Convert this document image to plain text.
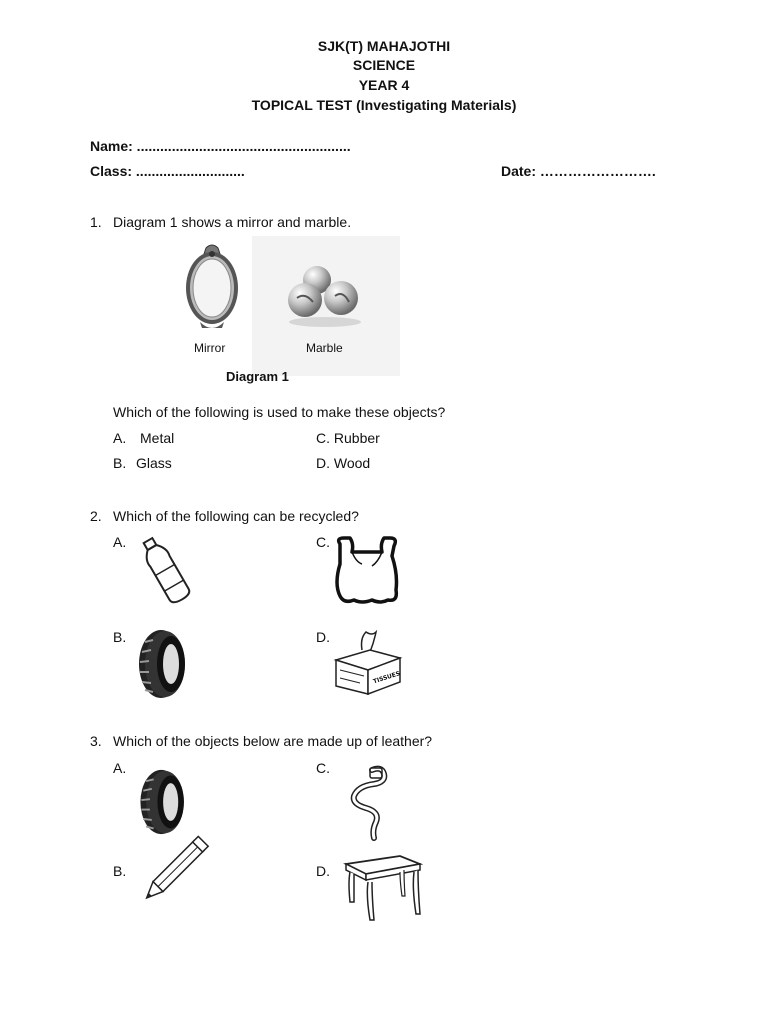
SJK(T) MAHAJOTHI
SCIENCE
YEAR 4
TOPICAL TEST (Investigating Materials)
Name: .......................................................
Class: ............................	Date: …………………….
1. Diagram 1 shows a mirror and marble.
Mirror	Marble
Diagram 1
Which of the following is used to make these objects?
A. Metal
B. Glass
C. Rubber
D. Wood
2. Which of the following can be recycled?
A.	C.
B.	D.
TISSUES
3. Which of the objects below are made up of leather?
A.	C.
B.	D.
